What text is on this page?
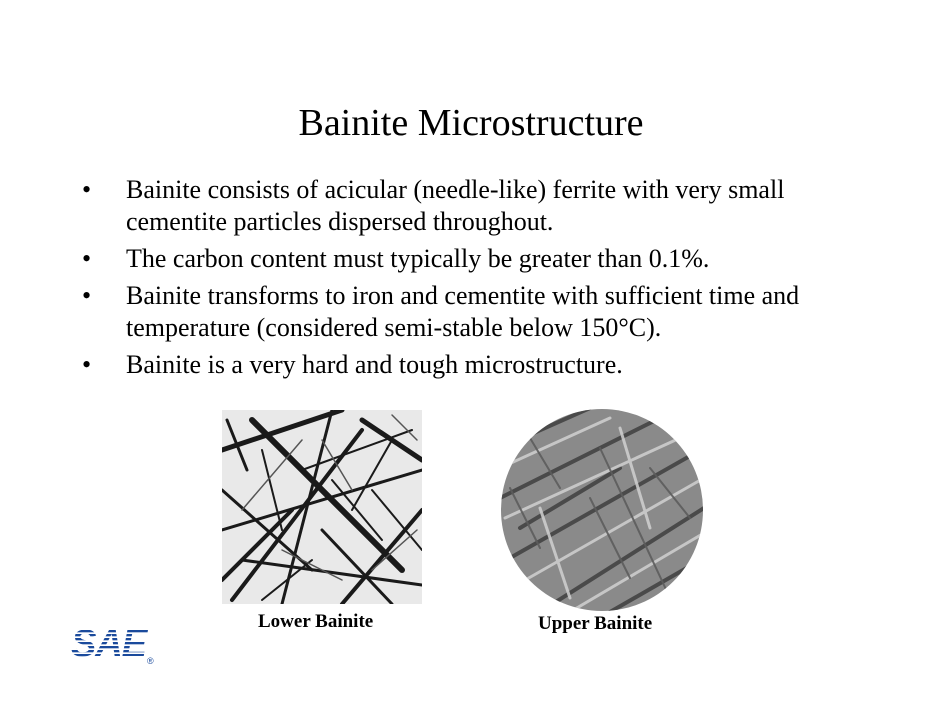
Bainite Microstructure
•	Bainite consists of acicular (needle-like) ferrite with very small cementite particles dispersed throughout.
•	The carbon content must typically be greater than 0.1%.
•	Bainite transforms to iron and cementite with sufficient time and temperature (considered semi-stable below 150°C).
•	Bainite is a very hard and tough microstructure.
Lower Bainite	Upper Bainite
SAE ®
